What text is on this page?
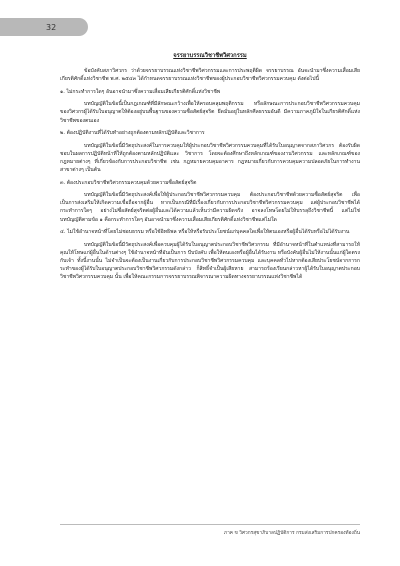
32
จรรยาบรรณวิชาชีพวิศวกรรม

ข้อบังคับสภาวิศวกร ว่าด้วยจรรยาบรรณแห่งวิชาชีพวิศวกรรมและการประพฤติผิด จรรยาบรรณ อันจะนำมาซึ่งความเสื่อมเสียเกียรติศักดิ์แห่งวิชาชีพ พ.ศ. ๒๕๔๓ ได้กำหนดจรรยาบรรณแห่งวิชาชีพของผู้ประกอบวิชาชีพวิศวกรรมควบคุม ดังต่อไปนี้

๑. ไม่กระทำการใดๆ อันอาจนำมาซึ่งความเสื่อมเสียเกียรติศักดิ์แห่งวิชาชีพ

บทบัญญัติในข้อนี้เป็นกฎเกณฑ์ที่มีลักษณะกว้างเพื่อให้ครอบคลุมพฤติกรรม หรือลักษณะการประกอบวิชาชีพวิศวกรรมควบคุมของวิศวกรผู้ได้รับใบอนุญาตให้ต้องอยู่บนพื้นฐานของความซื่อสัตย์สุจริต ยึดมั่นอยู่ในหลักศีลธรรมอันดี มีความภาคภูมิใจในเกียรติศักดิ์แห่งวิชาชีพของตนเอง

๒. ต้องปฏิบัติงานที่ได้รับทำอย่างถูกต้องตามหลักปฏิบัติและวิชาการ

บทบัญญัติในข้อนี้มีวัตถุประสงค์ในการควบคุมให้ผู้ประกอบวิชาชีพวิศวกรรมควบคุมที่ได้รับใบอนุญาตจากสภาวิศวกร ต้องรับผิดชอบในผลการปฏิบัติหน้าที่ให้ถูกต้องตามหลักปฏิบัติและ วิชาการ โดยจะต้องศึกษาถึงหลักเกณฑ์ของงานวิศวกรรม และหลักเกณฑ์ของกฎหมายต่างๆ ที่เกี่ยวข้องกับการประกอบวิชาชีพ เช่น กฎหมายควบคุมอาคาร กฎหมายเกี่ยวกับการควบคุมความปลอดภัยในการทำงานสาขาต่างๆ เป็นต้น

๓. ต้องประกอบวิชาชีพวิศวกรรมควบคุมด้วยความซื่อสัตย์สุจริต

บทบัญญัติในข้อนี้มีวัตถุประสงค์เพื่อให้ผู้ประกอบวิชาชีพวิศวกรรมควบคุม ต้องประกอบวิชาชีพด้วยความซื่อสัตย์สุจริต เพื่อเป็นการส่งเสริมให้เกิดความเชื่อถือจากผู้อื่น หากเป็นกรณีที่มีเรื่องเกี่ยวกับการประกอบวิชาชีพวิศวกรรมควบคุม แต่ผู้ประกอบวิชาชีพได้กระทำการใดๆ อย่างไม่ซื่อสัตย์สุจริตต่อผู้อื่นและได้ความแล้วเห็นว่ามีความผิดจริง อาจลงโทษโดยไม่ให้บรรลุถึงวิชาชีพนี้ แต่ไม่ใช่บทบัญญัติตามข้อ ๑ คือกระทำการใดๆ อันอาจนำมาซึ่งความเสื่อมเสียเกียรติศักดิ์แห่งวิชาชีพแต่ไม่ใด

๔. ไม่ใช้อำนาจหน้าที่โดยไม่ชอบธรรม หรือใช้อิทธิพล หรือให้หรือรับประโยชน์แก่บุคคลใดเพื่อให้ตนเองหรือผู้อื่นได้รับหรือไม่ได้รับงาน

บทบัญญัติในข้อนี้มีวัตถุประสงค์เพื่อควบคุมผู้ได้รับใบอนุญาตประกอบวิชาชีพวิศวกรรม ที่มีอำนาจหน้าที่ในตำแหน่งที่สามารถให้คุณให้โทษแก่ผู้อื่นในด้านต่างๆ ใช้อำนาจหน้าที่อันเป็นการ บีบบังคับ เพื่อให้ตนเองหรือผู้อื่นได้รับงาน หรือบังคับผู้อื่นไม่ให้งานนั้นแก่ผู้ใดตรงกับเจ้า ทั้งนี้งานนั้น ไม่จำเป็นจะต้องเป็นงานเกี่ยวกับการประกอบวิชาชีพวิศวกรรมควบคุม และบุคคลทั่วไปหากต้องเสียประโยชน์จากการกระทำของผู้ได้รับใบอนุญาตประกอบวิชาชีพวิศวกรรมดังกล่าว ก็สิทธิ์จำเป็นผู้เสียหาย สามารถร้องเรียนกล่าวหาผู้ได้รับใบอนุญาตประกอบวิชาชีพวิศวกรรมควบคุม นั้น เพื่อให้คณะกรรมการจรรยาบรรณพิจารณาความผิดทางจรรยาบรรณแห่งวิชาชีพได้

ภาค ข วิศวกรสุขาภิบาลปฏิบัติการ กรมส่งเสริมการปกครองท้องถิ่น
